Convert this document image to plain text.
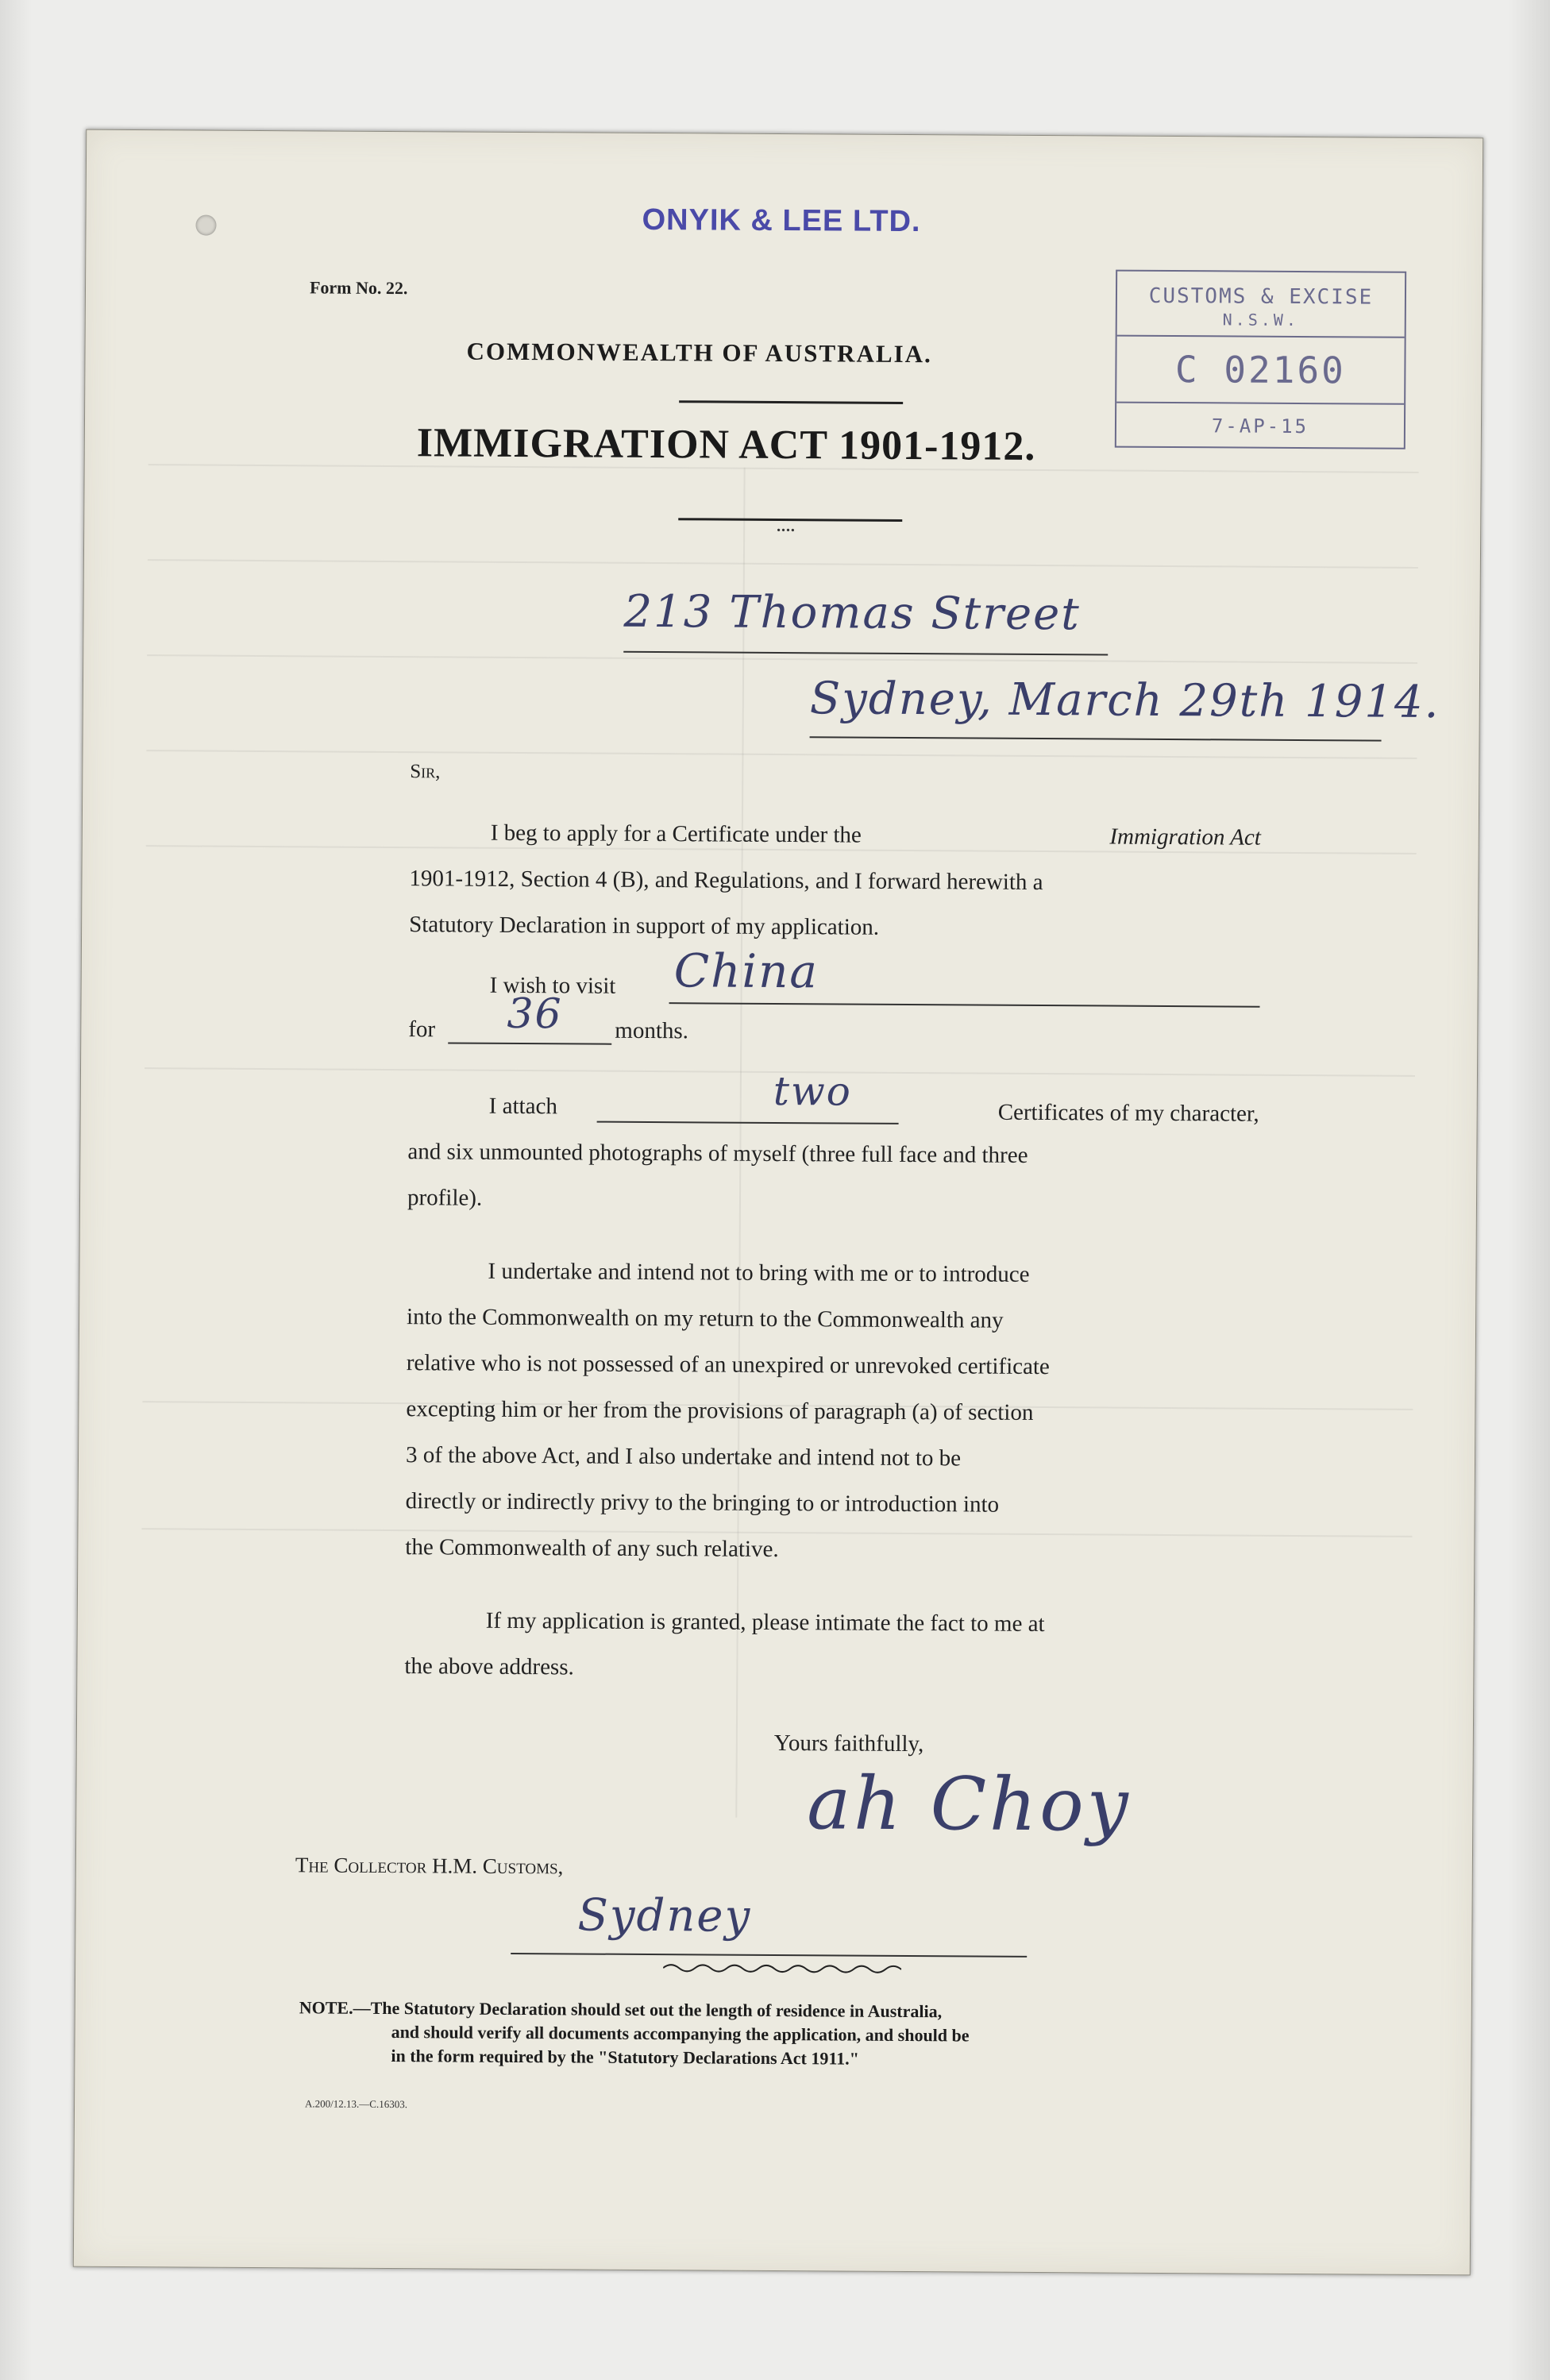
ONYIK & LEE LTD.
Form No. 22.	CUSTOMS & EXCISE
N.S.W.
C 02160
7-AP-15
COMMONWEALTH OF AUSTRALIA.
IMMIGRATION ACT 1901-1912.
••••
213 Thomas Street
Sydney, March 29th 1914.
Sir,
I beg to apply for a Certificate under the	Immigration Act
1901-1912, Section 4 (B), and Regulations, and I forward herewith a
Statutory Declaration in support of my application.
I wish to visit China
for 36 months.
I attach	two	Certificates of my character,
and six unmounted photographs of myself (three full face and three
profile).
I undertake and intend not to bring with me or to introduce
into the Commonwealth on my return to the Commonwealth any
relative who is not possessed of an unexpired or unrevoked certificate
excepting him or her from the provisions of paragraph (a) of section
3 of the above Act, and I also undertake and intend not to be
directly or indirectly privy to the bringing to or introduction into
the Commonwealth of any such relative.
If my application is granted, please intimate the fact to me at
the above address.
Yours faithfully,
ah Choy
The Collector H.M. Customs,
Sydney
NOTE.—The Statutory Declaration should set out the length of residence in Australia,
and should verify all documents accompanying the application, and should be
in the form required by the "Statutory Declarations Act 1911."
A.200/12.13.—C.16303.
